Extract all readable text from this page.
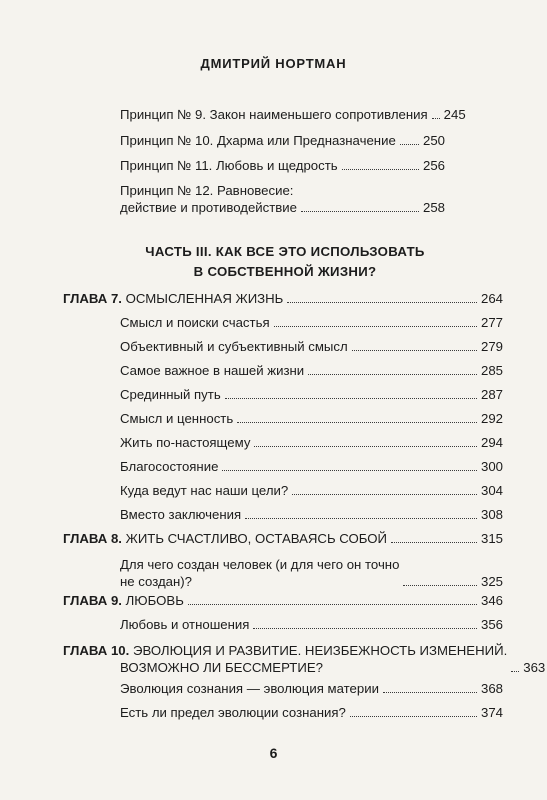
ДМИТРИЙ НОРТМАН
Принцип № 9. Закон наименьшего сопротивления 245
Принцип № 10. Дхарма или Предназначение 250
Принцип № 11. Любовь и щедрость	256
Принцип № 12. Равновесие:
действие и противодействие	258
ЧАСТЬ III. КАК ВСЕ ЭТО ИСПОЛЬЗОВАТЬ
В СОБСТВЕННОЙ ЖИЗНИ?
ГЛАВА 7. ОСМЫСЛЕННАЯ ЖИЗНЬ	264
Смысл и поиски счастья	277
Объективный и субъективный смысл	279
Самое важное в нашей жизни	285
Срединный путь	287
Смысл и ценность	292
Жить по-настоящему	294
Благосостояние	300
Куда ведут нас наши цели?	304
Вместо заключения	308
ГЛАВА 8. ЖИТЬ СЧАСТЛИВО, ОСТАВАЯСЬ СОБОЙ	315
Для чего создан человек (и для чего он точно
не создан)?	325
ГЛАВА 9. ЛЮБОВЬ	346
Любовь и отношения	356
ГЛАВА 10. ЭВОЛЮЦИЯ И РАЗВИТИЕ. НЕИЗБЕЖНОСТЬ ИЗМЕНЕНИЙ.
ВОЗМОЖНО ЛИ БЕССМЕРТИЕ?	363
Эволюция сознания — эволюция материи	368
Есть ли предел эволюции сознания?	374
6
